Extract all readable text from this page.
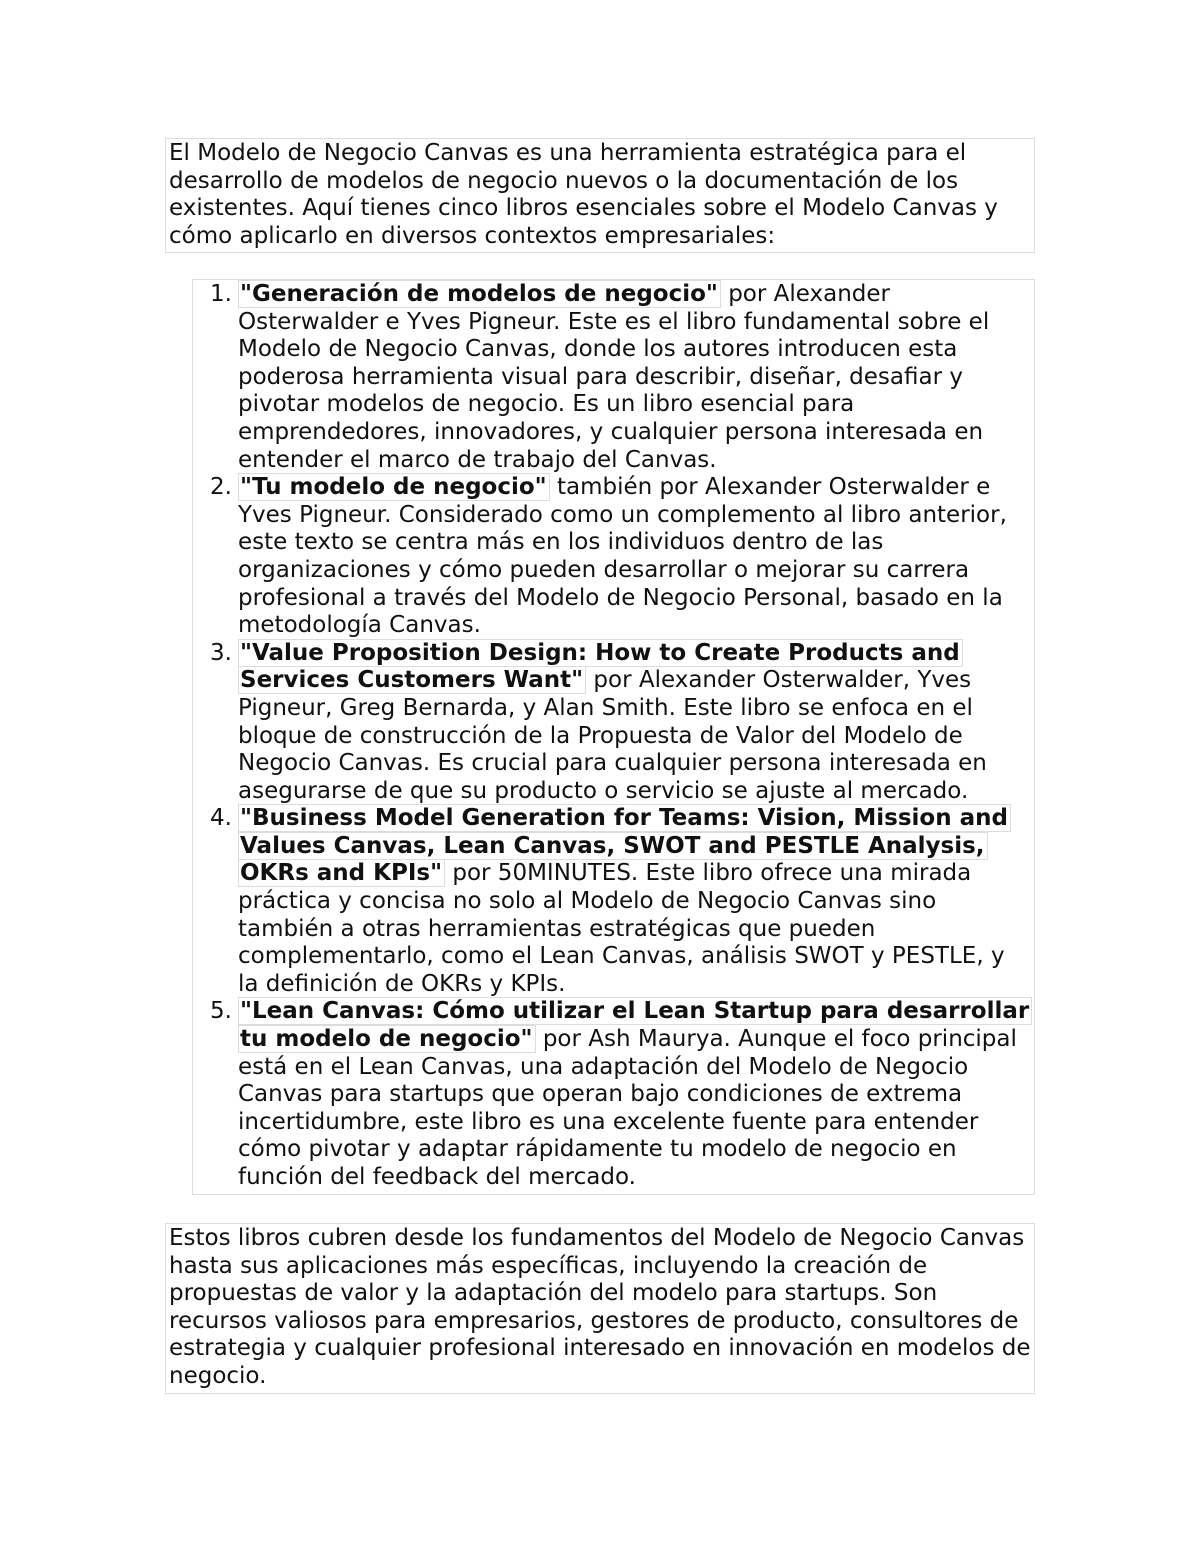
El Modelo de Negocio Canvas es una herramienta estratégica para el desarrollo de modelos de negocio nuevos o la documentación de los existentes. Aquí tienes cinco libros esenciales sobre el Modelo Canvas y cómo aplicarlo en diversos contextos empresariales:
1. "Generación de modelos de negocio" por Alexander Osterwalder e Yves Pigneur. Este es el libro fundamental sobre el Modelo de Negocio Canvas, donde los autores introducen esta poderosa herramienta visual para describir, diseñar, desafiar y pivotar modelos de negocio. Es un libro esencial para emprendedores, innovadores, y cualquier persona interesada en entender el marco de trabajo del Canvas.
2. "Tu modelo de negocio" también por Alexander Osterwalder e Yves Pigneur. Considerado como un complemento al libro anterior, este texto se centra más en los individuos dentro de las organizaciones y cómo pueden desarrollar o mejorar su carrera profesional a través del Modelo de Negocio Personal, basado en la metodología Canvas.
3. "Value Proposition Design: How to Create Products and Services Customers Want" por Alexander Osterwalder, Yves Pigneur, Greg Bernarda, y Alan Smith. Este libro se enfoca en el bloque de construcción de la Propuesta de Valor del Modelo de Negocio Canvas. Es crucial para cualquier persona interesada en asegurarse de que su producto o servicio se ajuste al mercado.
4. "Business Model Generation for Teams: Vision, Mission and Values Canvas, Lean Canvas, SWOT and PESTLE Analysis, OKRs and KPIs" por 50MINUTES. Este libro ofrece una mirada práctica y concisa no solo al Modelo de Negocio Canvas sino también a otras herramientas estratégicas que pueden complementarlo, como el Lean Canvas, análisis SWOT y PESTLE, y la definición de OKRs y KPIs.
5. "Lean Canvas: Cómo utilizar el Lean Startup para desarrollar tu modelo de negocio" por Ash Maurya. Aunque el foco principal está en el Lean Canvas, una adaptación del Modelo de Negocio Canvas para startups que operan bajo condiciones de extrema incertidumbre, este libro es una excelente fuente para entender cómo pivotar y adaptar rápidamente tu modelo de negocio en función del feedback del mercado.
Estos libros cubren desde los fundamentos del Modelo de Negocio Canvas hasta sus aplicaciones más específicas, incluyendo la creación de propuestas de valor y la adaptación del modelo para startups. Son recursos valiosos para empresarios, gestores de producto, consultores de estrategia y cualquier profesional interesado en innovación en modelos de negocio.
